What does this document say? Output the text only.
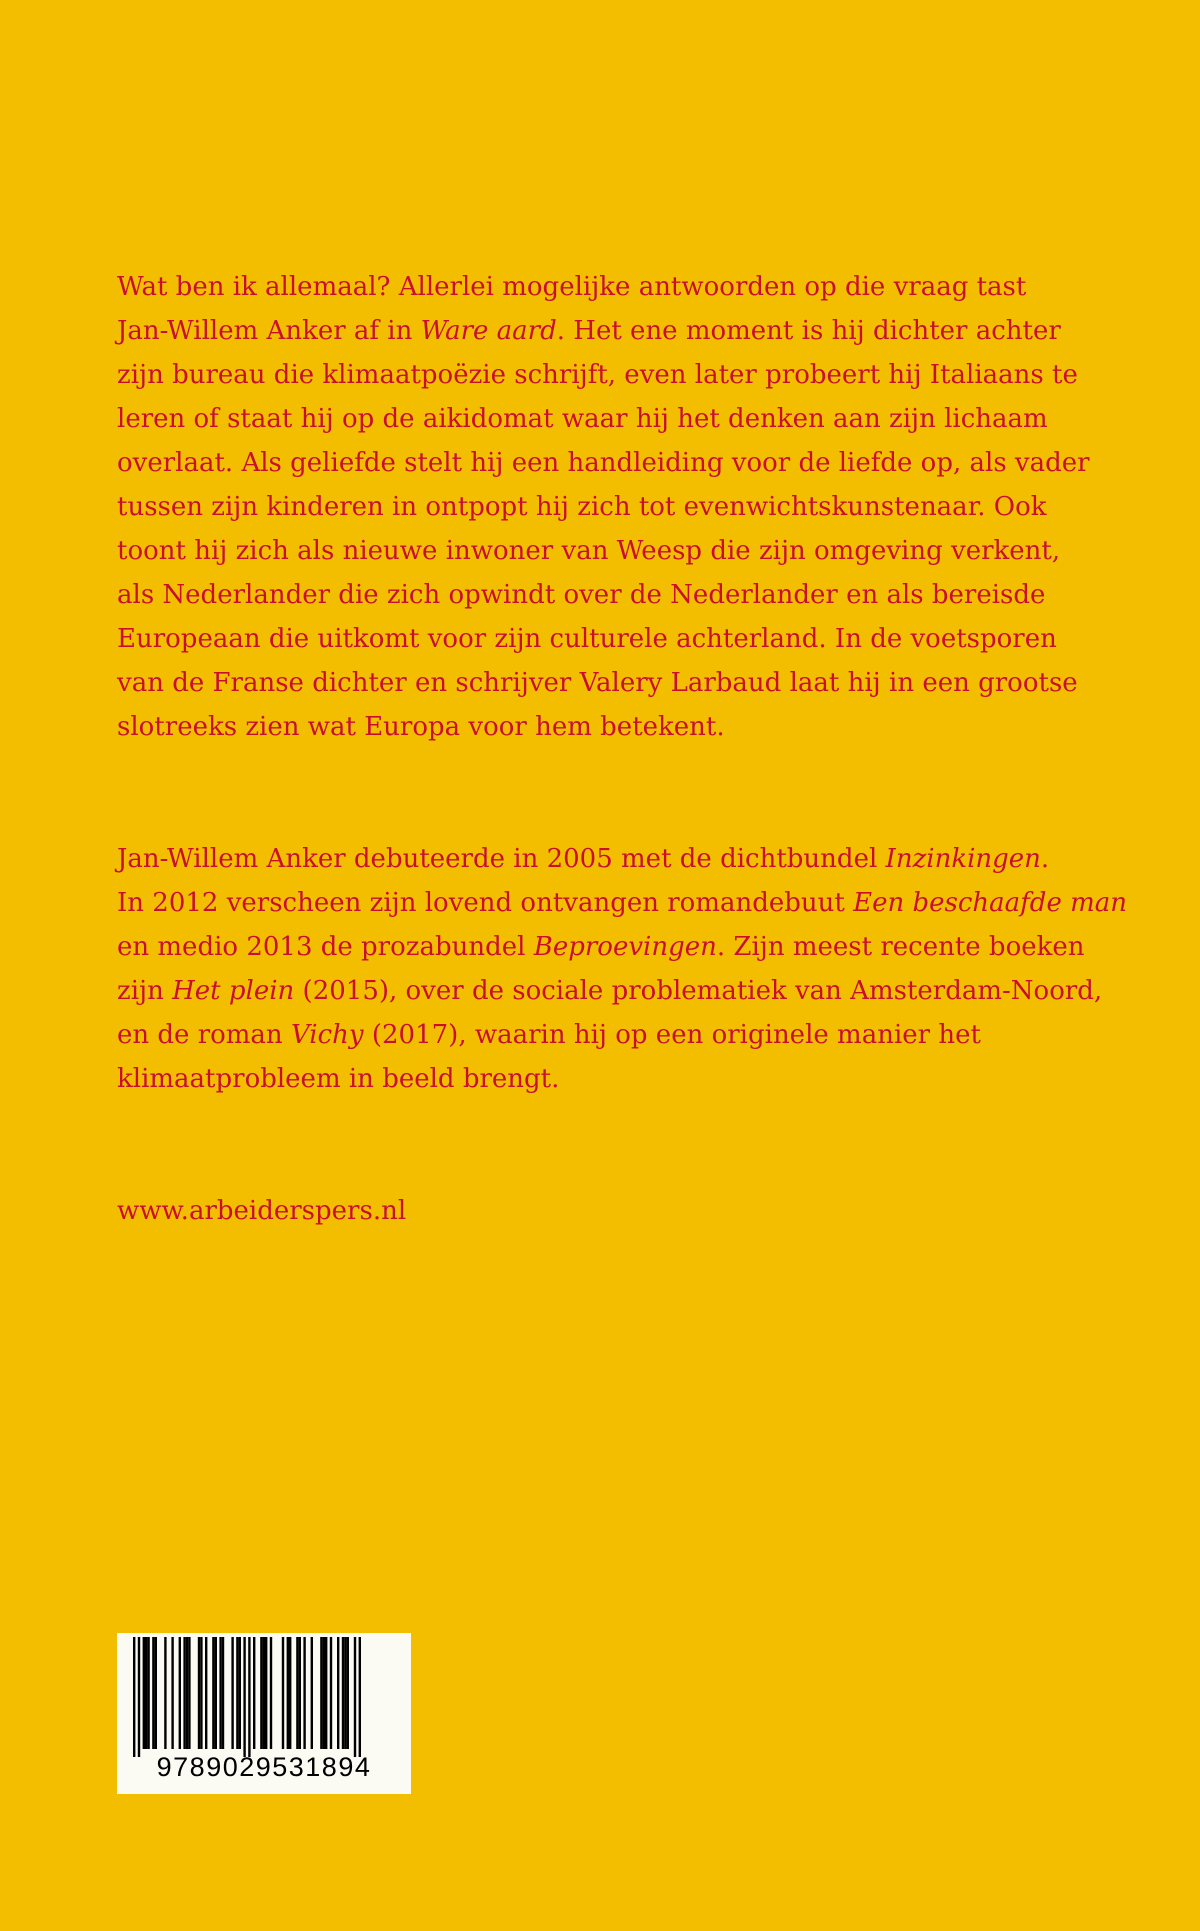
Wat ben ik allemaal? Allerlei mogelijke antwoorden op die vraag tast
Jan-Willem Anker af in Ware aard. Het ene moment is hij dichter achter
zijn bureau die klimaatpoëzie schrijft, even later probeert hij Italiaans te
leren of staat hij op de aikidomat waar hij het denken aan zijn lichaam
overlaat. Als geliefde stelt hij een handleiding voor de liefde op, als vader
tussen zijn kinderen in ontpopt hij zich tot evenwichtskunstenaar. Ook
toont hij zich als nieuwe inwoner van Weesp die zijn omgeving verkent,
als Nederlander die zich opwindt over de Nederlander en als bereisde
Europeaan die uitkomt voor zijn culturele achterland. In de voetsporen
van de Franse dichter en schrijver Valery Larbaud laat hij in een grootse
slotreeks zien wat Europa voor hem betekent.
Jan-Willem Anker debuteerde in 2005 met de dichtbundel Inzinkingen.
In 2012 verscheen zijn lovend ontvangen romandebuut Een beschaafde man
en medio 2013 de prozabundel Beproevingen. Zijn meest recente boeken
zijn Het plein (2015), over de sociale problematiek van Amsterdam-Noord,
en de roman Vichy (2017), waarin hij op een originele manier het
klimaatprobleem in beeld brengt.
www.arbeiderspers.nl
9789029531894
